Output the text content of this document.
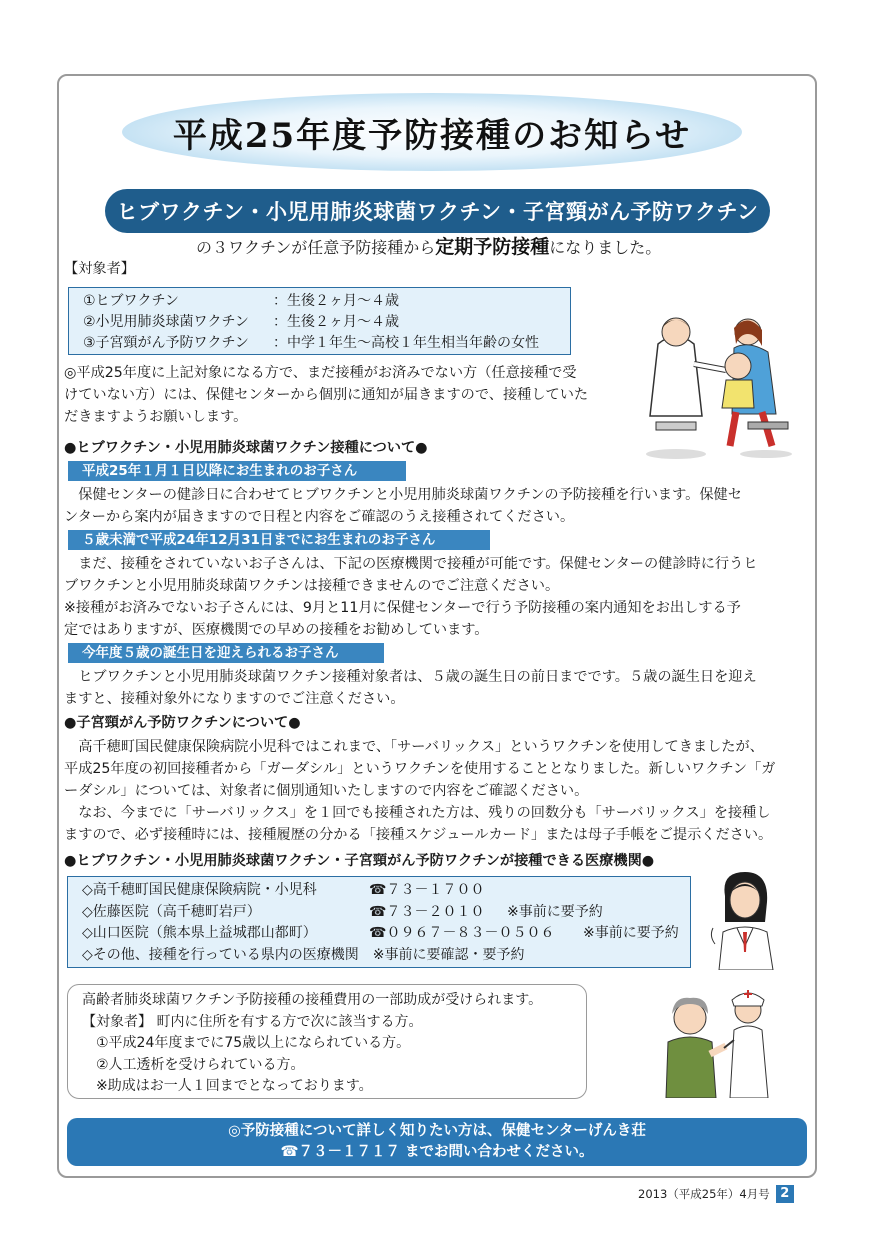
平成25年度予防接種のお知らせ
ヒブワクチン・小児用肺炎球菌ワクチン・子宮頸がん予防ワクチン
の３ワクチンが任意予防接種から定期予防接種になりました。
【対象者】
①ヒブワクチン	：生後２ヶ月～４歳
②小児用肺炎球菌ワクチン	：生後２ヶ月～４歳
③子宮頸がん予防ワクチン	：中学１年生～高校１年生相当年齢の女性
◎平成25年度に上記対象になる方で、まだ接種がお済みでない方（任意接種で受
けていない方）には、保健センターから個別に通知が届きますので、接種していた
だきますようお願いします。
●ヒブワクチン・小児用肺炎球菌ワクチン接種について●
平成25年１月１日以降にお生まれのお子さん
　保健センターの健診日に合わせてヒブワクチンと小児用肺炎球菌ワクチンの予防接種を行います。保健セ
ンターから案内が届きますので日程と内容をご確認のうえ接種されてください。
５歳未満で平成24年12月31日までにお生まれのお子さん
　まだ、接種をされていないお子さんは、下記の医療機関で接種が可能です。保健センターの健診時に行うヒ
ブワクチンと小児用肺炎球菌ワクチンは接種できませんのでご注意ください。
※接種がお済みでないお子さんには、9月と11月に保健センターで行う予防接種の案内通知をお出しする予
定ではありますが、医療機関での早めの接種をお勧めしています。
今年度５歳の誕生日を迎えられるお子さん
　ヒブワクチンと小児用肺炎球菌ワクチン接種対象者は、５歳の誕生日の前日までです。５歳の誕生日を迎え
ますと、接種対象外になりますのでご注意ください。
●子宮頸がん予防ワクチンについて●
　高千穂町国民健康保険病院小児科ではこれまで、「サーバリックス」というワクチンを使用してきましたが、
平成25年度の初回接種者から「ガーダシル」というワクチンを使用することとなりました。新しいワクチン「ガ
ーダシル」については、対象者に個別通知いたしますので内容をご確認ください。
　なお、今までに「サーバリックス」を１回でも接種された方は、残りの回数分も「サーバリックス」を接種し
ますので、必ず接種時には、接種履歴の分かる「接種スケジュールカード」または母子手帳をご提示ください。
●ヒブワクチン・小児用肺炎球菌ワクチン・子宮頸がん予防ワクチンが接種できる医療機関●
◇高千穂町国民健康保険病院・小児科	☎７３－１７００
◇佐藤医院（高千穂町岩戸）	☎７３－２０１０	※事前に要予約
◇山口医院（熊本県上益城郡山都町）	☎０９６７－８３－０５０６	※事前に要予約
◇その他、接種を行っている県内の医療機関　※事前に要確認・要予約
高齢者肺炎球菌ワクチン予防接種の接種費用の一部助成が受けられます。
【対象者】 町内に住所を有する方で次に該当する方。
　①平成24年度までに75歳以上になられている方。
　②人工透析を受けられている方。
　※助成はお一人１回までとなっております。
◎予防接種について詳しく知りたい方は、保健センターげんき荘
☎７３－１７１７ までお問い合わせください。
2013（平成25年）4月号 2
